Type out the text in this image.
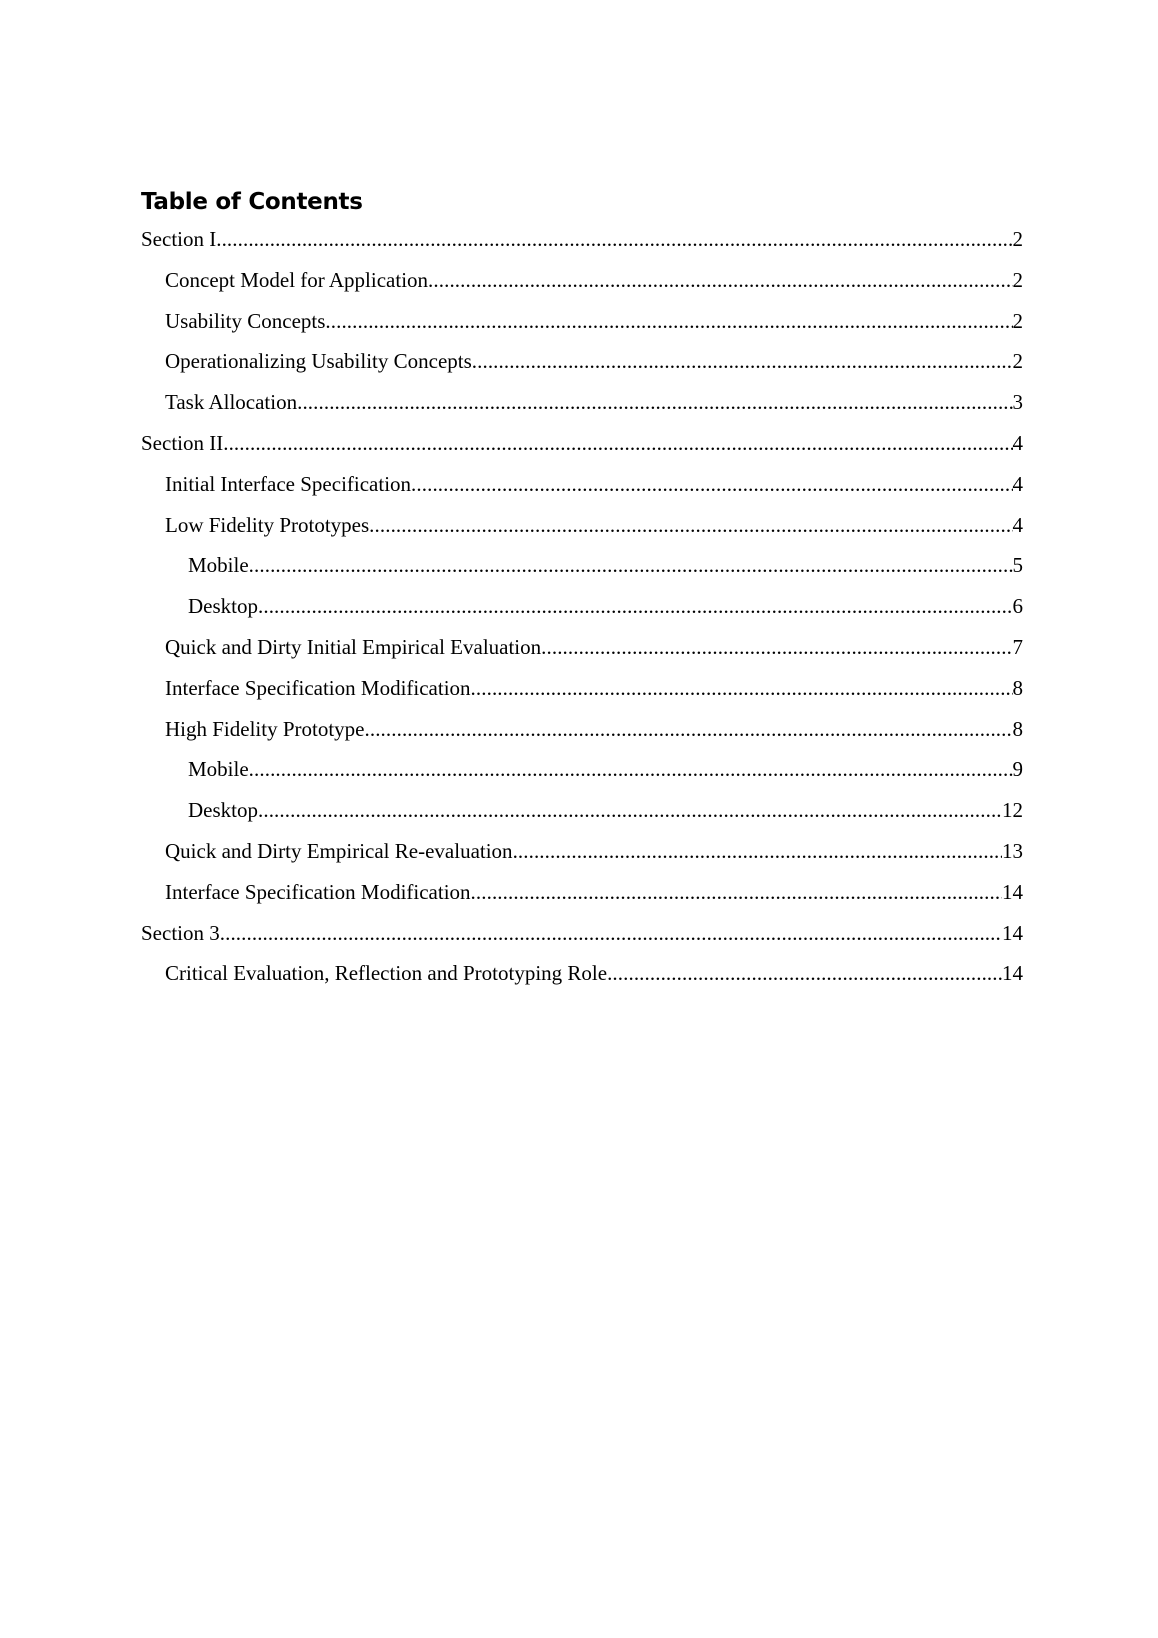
Table of Contents
Section I .....	2
Concept Model for Application .....	2
Usability Concepts .....	2
Operationalizing Usability Concepts .....	2
Task Allocation .....	3
Section II .....	4
Initial Interface Specification .....	4
Low Fidelity Prototypes .....	4
Mobile .....	5
Desktop .....	6
Quick and Dirty Initial Empirical Evaluation .....	7
Interface Specification Modification .....	8
High Fidelity Prototype .....	8
Mobile .....	9
Desktop .....	12
Quick and Dirty Empirical Re-evaluation .....	13
Interface Specification Modification .....	14
Section 3 .....	14
Critical Evaluation, Reflection and Prototyping Role .....	14
